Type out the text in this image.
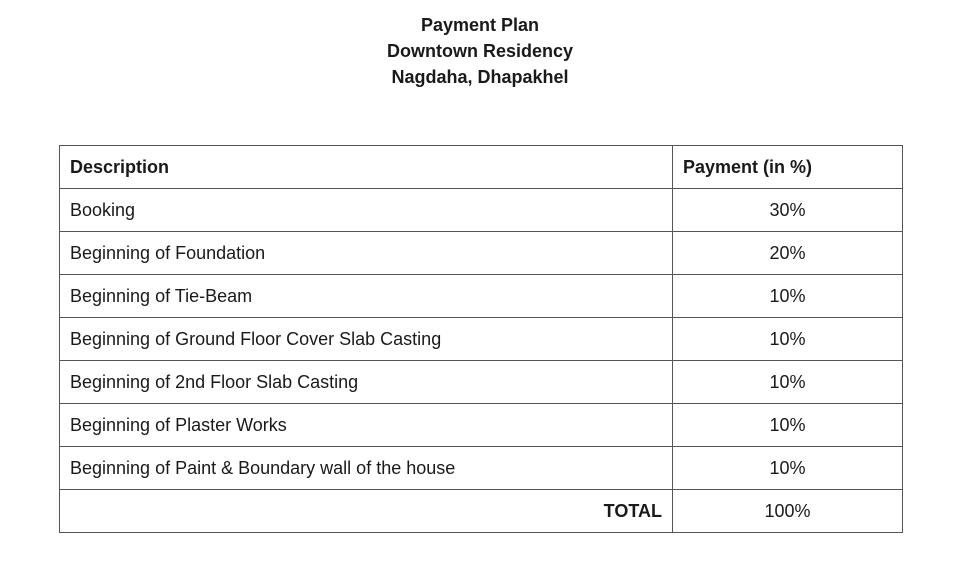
Payment Plan
Downtown Residency
Nagdaha, Dhapakhel
Description	Payment (in %)
Booking	30%
Beginning of Foundation	20%
Beginning of Tie-Beam	10%
Beginning of Ground Floor Cover Slab Casting	10%
Beginning of 2nd Floor Slab Casting	10%
Beginning of Plaster Works	10%
Beginning of Paint & Boundary wall of the house	10%
TOTAL	100%
